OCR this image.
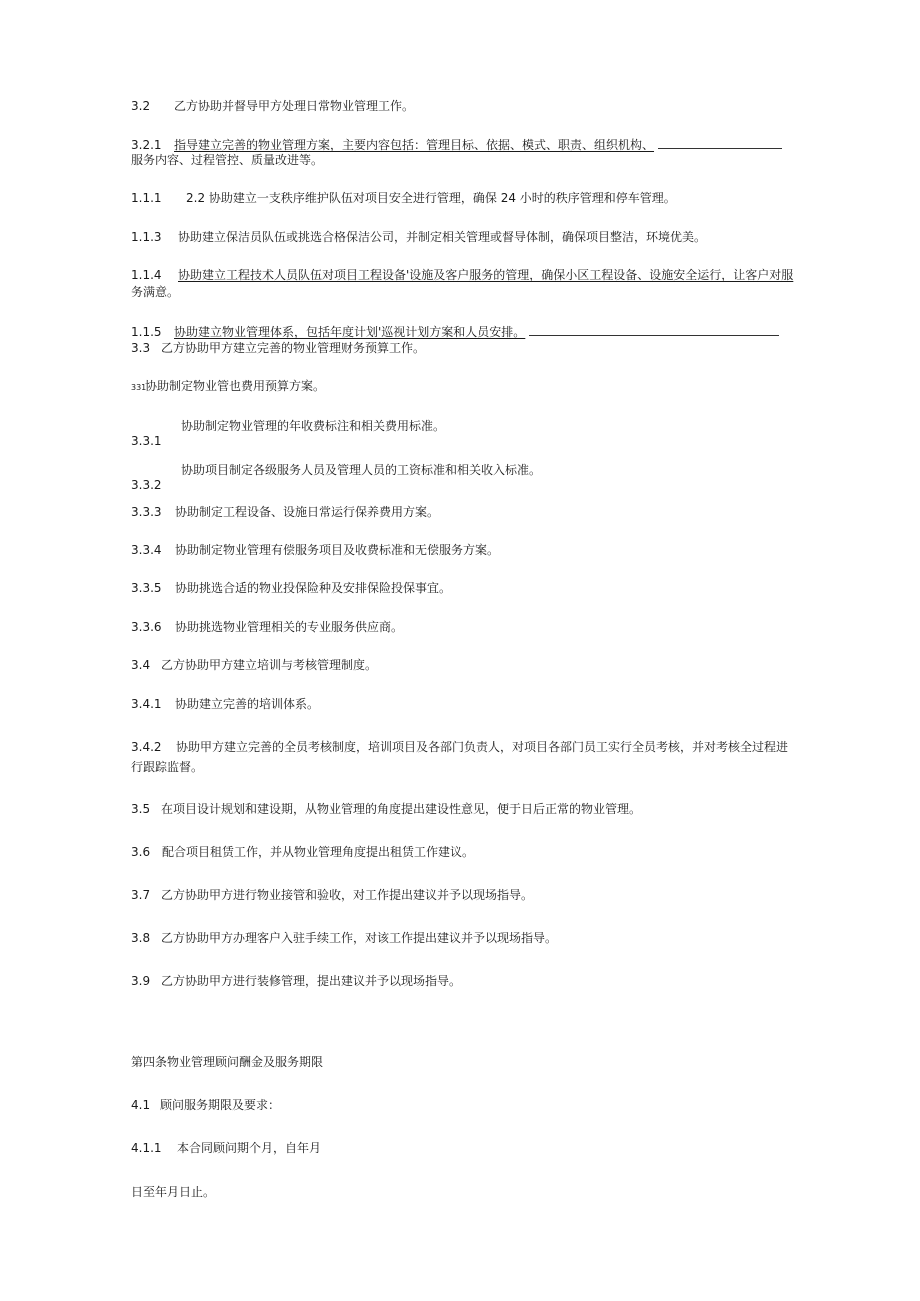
3.2 乙方协助并督导甲方处理日常物业管理工作。
3.2.1 指导建立完善的物业管理方案，主要内容包括：管理目标、依据、模式、职责、组织机构、
服务内容、过程管控、质量改进等。
1.1.1 2.2 协助建立一支秩序维护队伍对项目安全进行管理，确保 24 小时的秩序管理和停车管理。
1.1.3 协助建立保洁员队伍或挑选合格保洁公司，并制定相关管理或督导体制，确保项目整洁，环境优美。
1.1.4 协助建立工程技术人员队伍对项目工程设备'设施及客户服务的管理，确保小区工程设备、设施安全运行，让客户对服
务满意。
1.1.5 协助建立物业管理体系，包括年度计划'巡视计划方案和人员安排。
3.3 乙方协助甲方建立完善的物业管理财务预算工作。
331协助制定物业管也费用预算方案。
协助制定物业管理的年收费标注和相关费用标准。
3.3.1
协助项目制定各级服务人员及管理人员的工资标准和相关收入标准。
3.3.2
3.3.3 协助制定工程设备、设施日常运行保养费用方案。
3.3.4 协助制定物业管理有偿服务项目及收费标准和无偿服务方案。
3.3.5 协助挑选合适的物业投保险种及安排保险投保事宜。
3.3.6 协助挑选物业管理相关的专业服务供应商。
3.4 乙方协助甲方建立培训与考核管理制度。
3.4.1 协助建立完善的培训体系。
3.4.2 协助甲方建立完善的全员考核制度，培训项目及各部门负责人，对项目各部门员工实行全员考核，并对考核全过程进
行跟踪监督。
3.5 在项目设计规划和建设期，从物业管理的角度提出建设性意见，便于日后正常的物业管理。
3.6 配合项目租赁工作，并从物业管理角度提出租赁工作建议。
3.7 乙方协助甲方进行物业接管和验收，对工作提出建议并予以现场指导。
3.8 乙方协助甲方办理客户入驻手续工作，对该工作提出建议并予以现场指导。
3.9 乙方协助甲方进行装修管理，提出建议并予以现场指导。
第四条物业管理顾问酬金及服务期限
4.1 顾问服务期限及要求：
4.1.1 本合同顾问期个月，自年月
日至年月日止。
